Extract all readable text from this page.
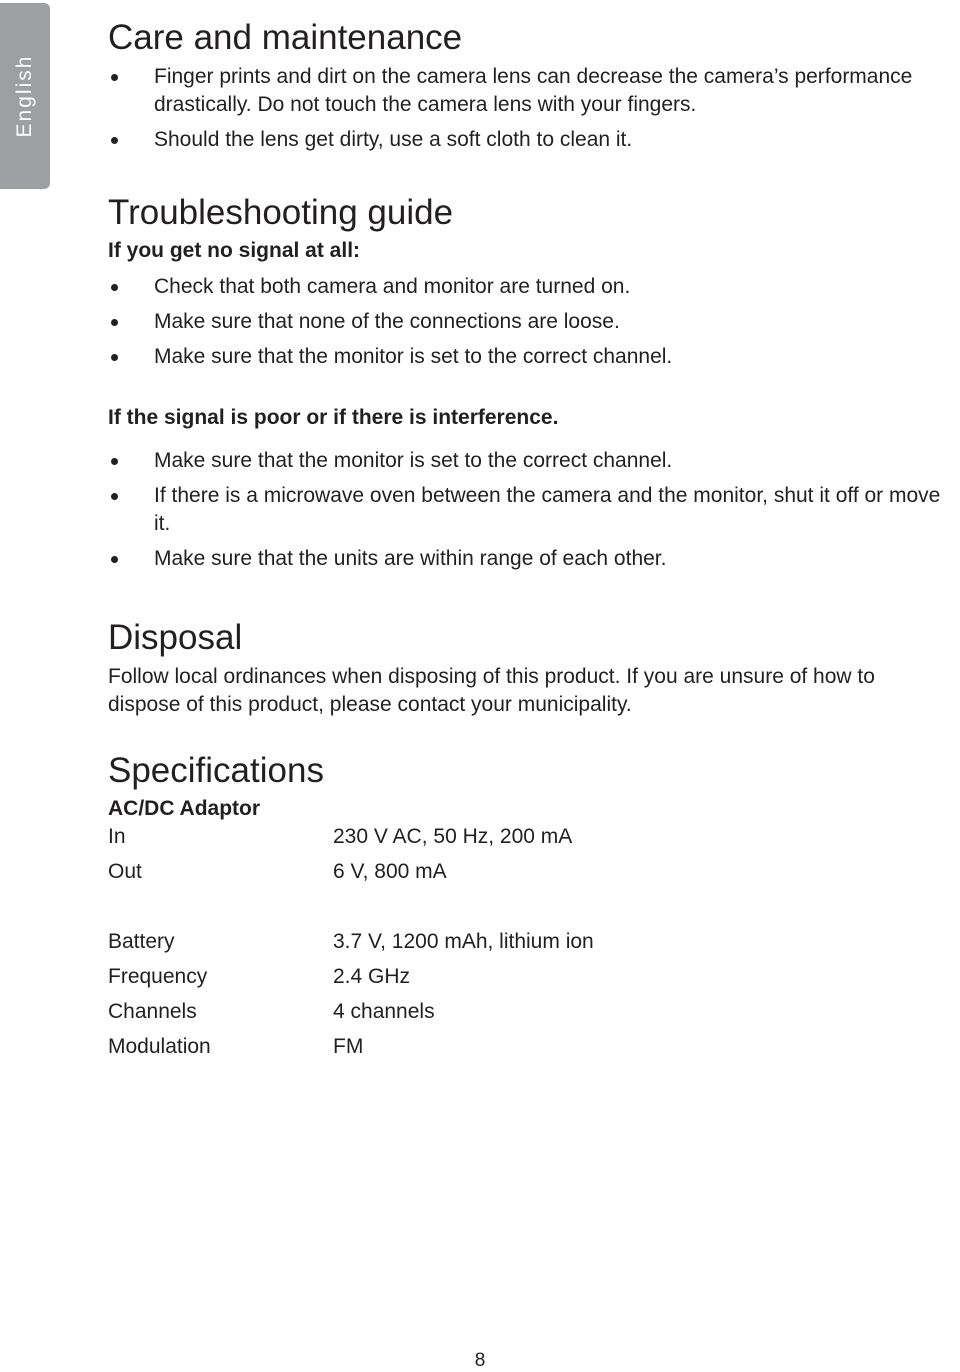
English
Care and maintenance
Finger prints and dirt on the camera lens can decrease the camera’s performance drastically. Do not touch the camera lens with your fingers.
Should the lens get dirty, use a soft cloth to clean it.
Troubleshooting guide
If you get no signal at all:
Check that both camera and monitor are turned on.
Make sure that none of the connections are loose.
Make sure that the monitor is set to the correct channel.
If the signal is poor or if there is interference.
Make sure that the monitor is set to the correct channel.
If there is a microwave oven between the camera and the monitor, shut it off or move it.
Make sure that the units are within range of each other.
Disposal

Follow local ordinances when disposing of this product. If you are unsure of how to dispose of this product, please contact your municipality.

Specifications
AC/DC Adaptor
In	230 V AC, 50 Hz, 200 mA
Out	6 V, 800 mA
Battery	3.7 V, 1200 mAh, lithium ion
Frequency	2.4 GHz
Channels	4 channels
Modulation	FM
8
